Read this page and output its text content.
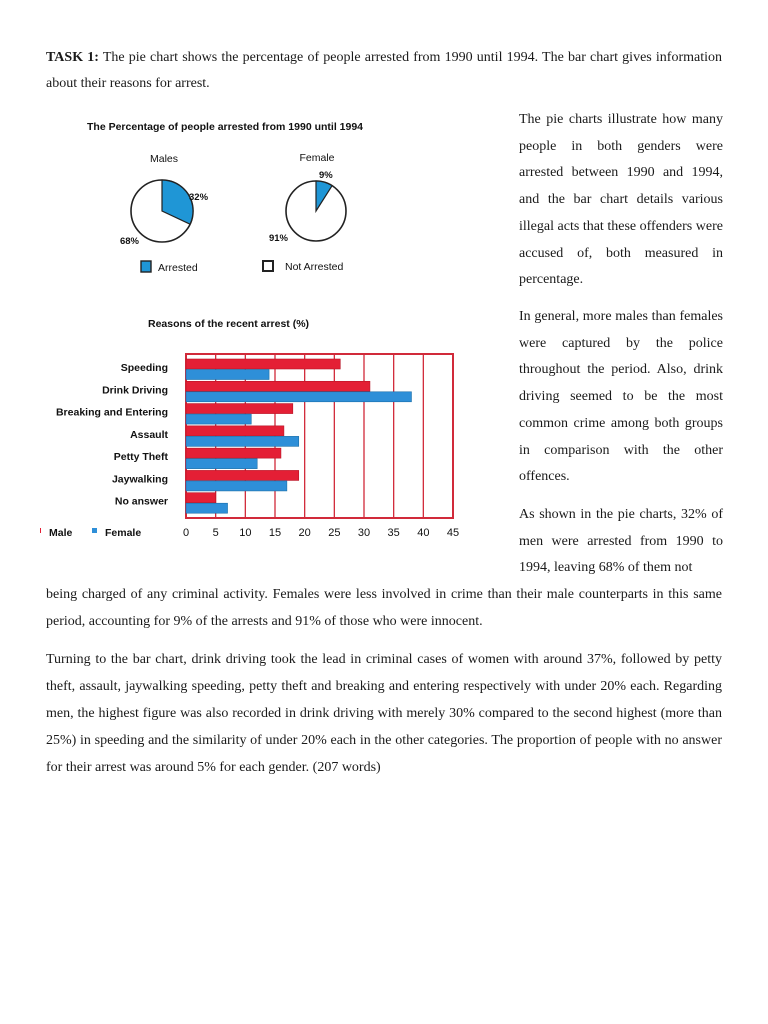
TASK 1: The pie chart shows the percentage of people arrested from 1990 until 1994. The bar chart gives information about their reasons for arrest.
The Percentage of people arrested from 1990 until 1994
Males
32%
68%
Female
9%
91%
Arrested	Not Arrested
Reasons of the recent arrest (%)
Speeding
Drink Driving
Breaking and Entering
Assault
Petty Theft
Jaywalking
No answer
0 5 10 15 20 25 30 35 40 45
Male	Female
The pie charts illustrate how many people in both genders were arrested between 1990 and 1994, and the bar chart details various illegal acts that these offenders were accused of, both measured in percentage.
In general, more males than females were captured by the police throughout the period. Also, drink driving seemed to be the most common crime among both groups in comparison with the other offences.
As shown in the pie charts, 32% of men were arrested from 1990 to 1994, leaving 68% of them not
being charged of any criminal activity. Females were less involved in crime than their male counterparts in this same period, accounting for 9% of the arrests and 91% of those who were innocent.
Turning to the bar chart, drink driving took the lead in criminal cases of women with around 37%, followed by petty theft, assault, jaywalking speeding, petty theft and breaking and entering respectively with under 20% each. Regarding men, the highest figure was also recorded in drink driving with merely 30% compared to the second highest (more than 25%) in speeding and the similarity of under 20% each in the other categories. The proportion of people with no answer for their arrest was around 5% for each gender. (207 words)
